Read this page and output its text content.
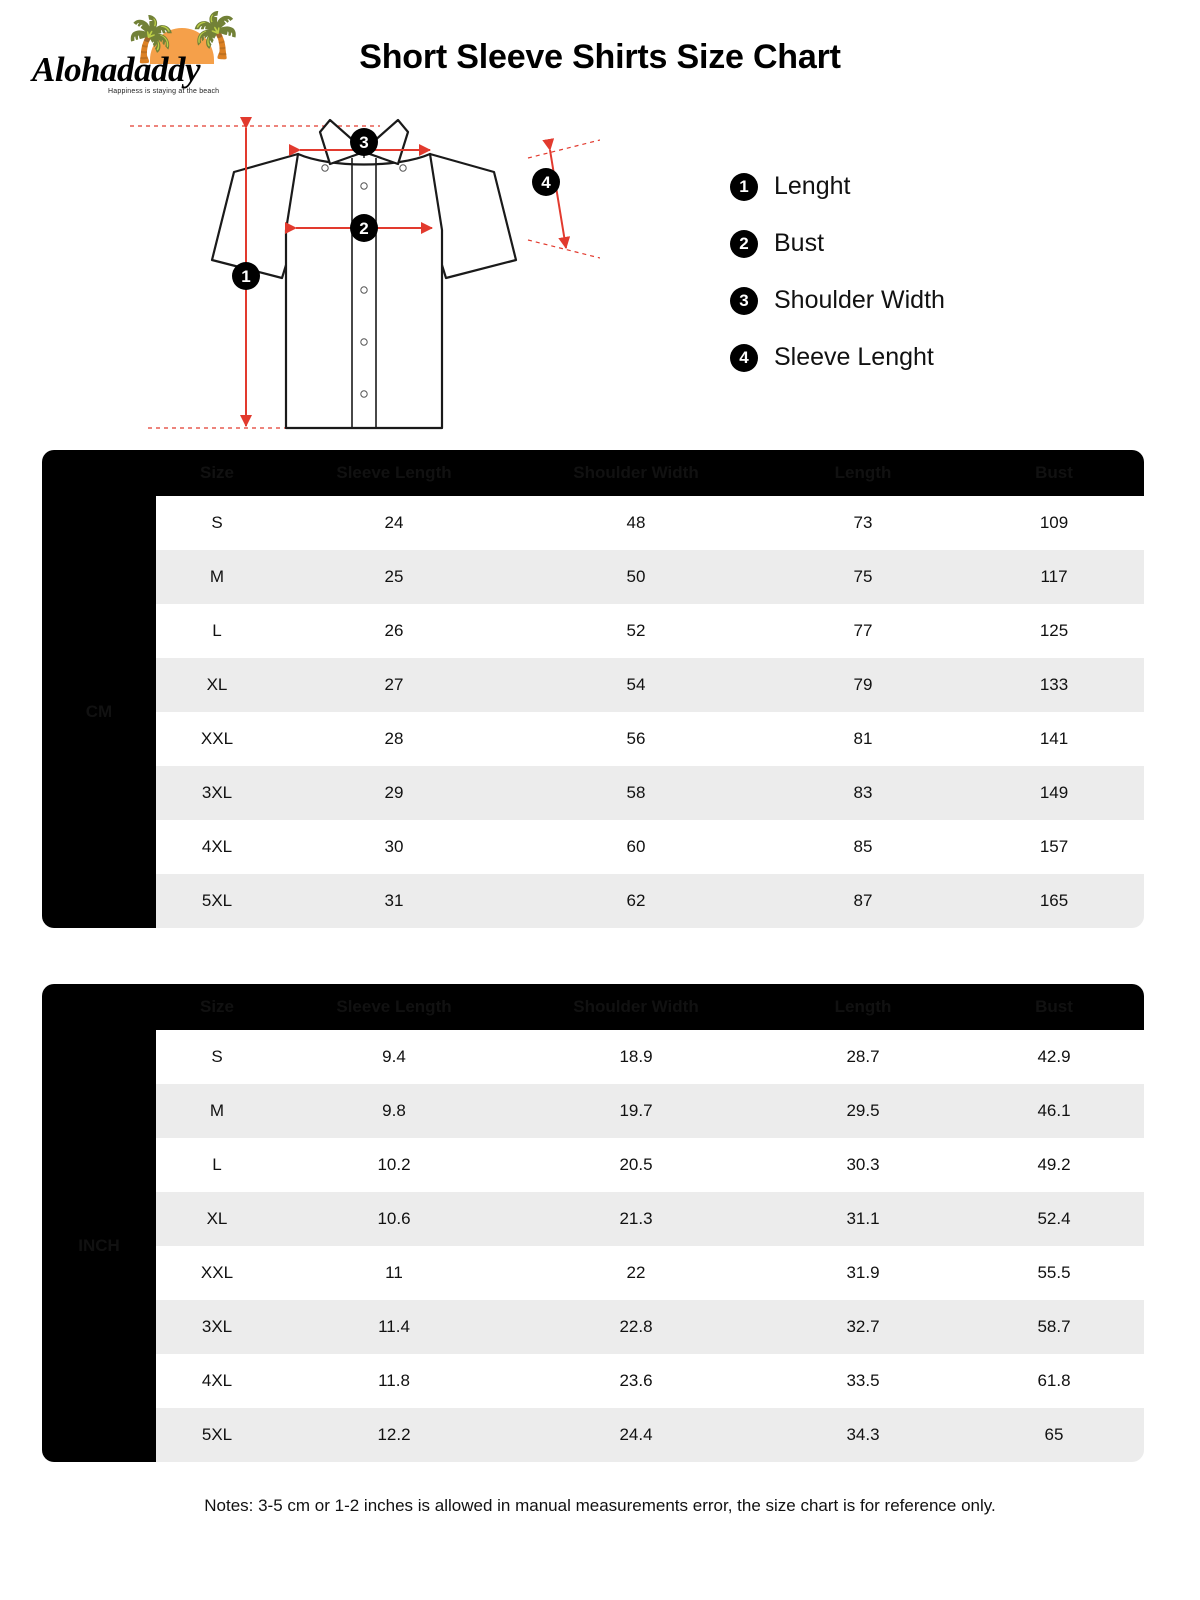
🌴 🌴
Alohadaddy
Happiness is staying at the beach
Short Sleeve Shirts Size Chart
1
2
3
4	1	Lenght
2	Bust
3	Shoulder Width
4	Sleeve Lenght
	Size	Sleeve Length	Shoulder Width	Length	Bust
CM	S	24	48	73	109
	M	25	50	75	117
	L	26	52	77	125
	XL	27	54	79	133
	XXL	28	56	81	141
	3XL	29	58	83	149
	4XL	30	60	85	157
	5XL	31	62	87	165
	Size	Sleeve Length	Shoulder Width	Length	Bust
INCH	S	9.4	18.9	28.7	42.9
	M	9.8	19.7	29.5	46.1
	L	10.2	20.5	30.3	49.2
	XL	10.6	21.3	31.1	52.4
	XXL	11	22	31.9	55.5
	3XL	11.4	22.8	32.7	58.7
	4XL	11.8	23.6	33.5	61.8
	5XL	12.2	24.4	34.3	65
Notes: 3-5 cm or 1-2 inches is allowed in manual measurements error, the size chart is for reference only.
